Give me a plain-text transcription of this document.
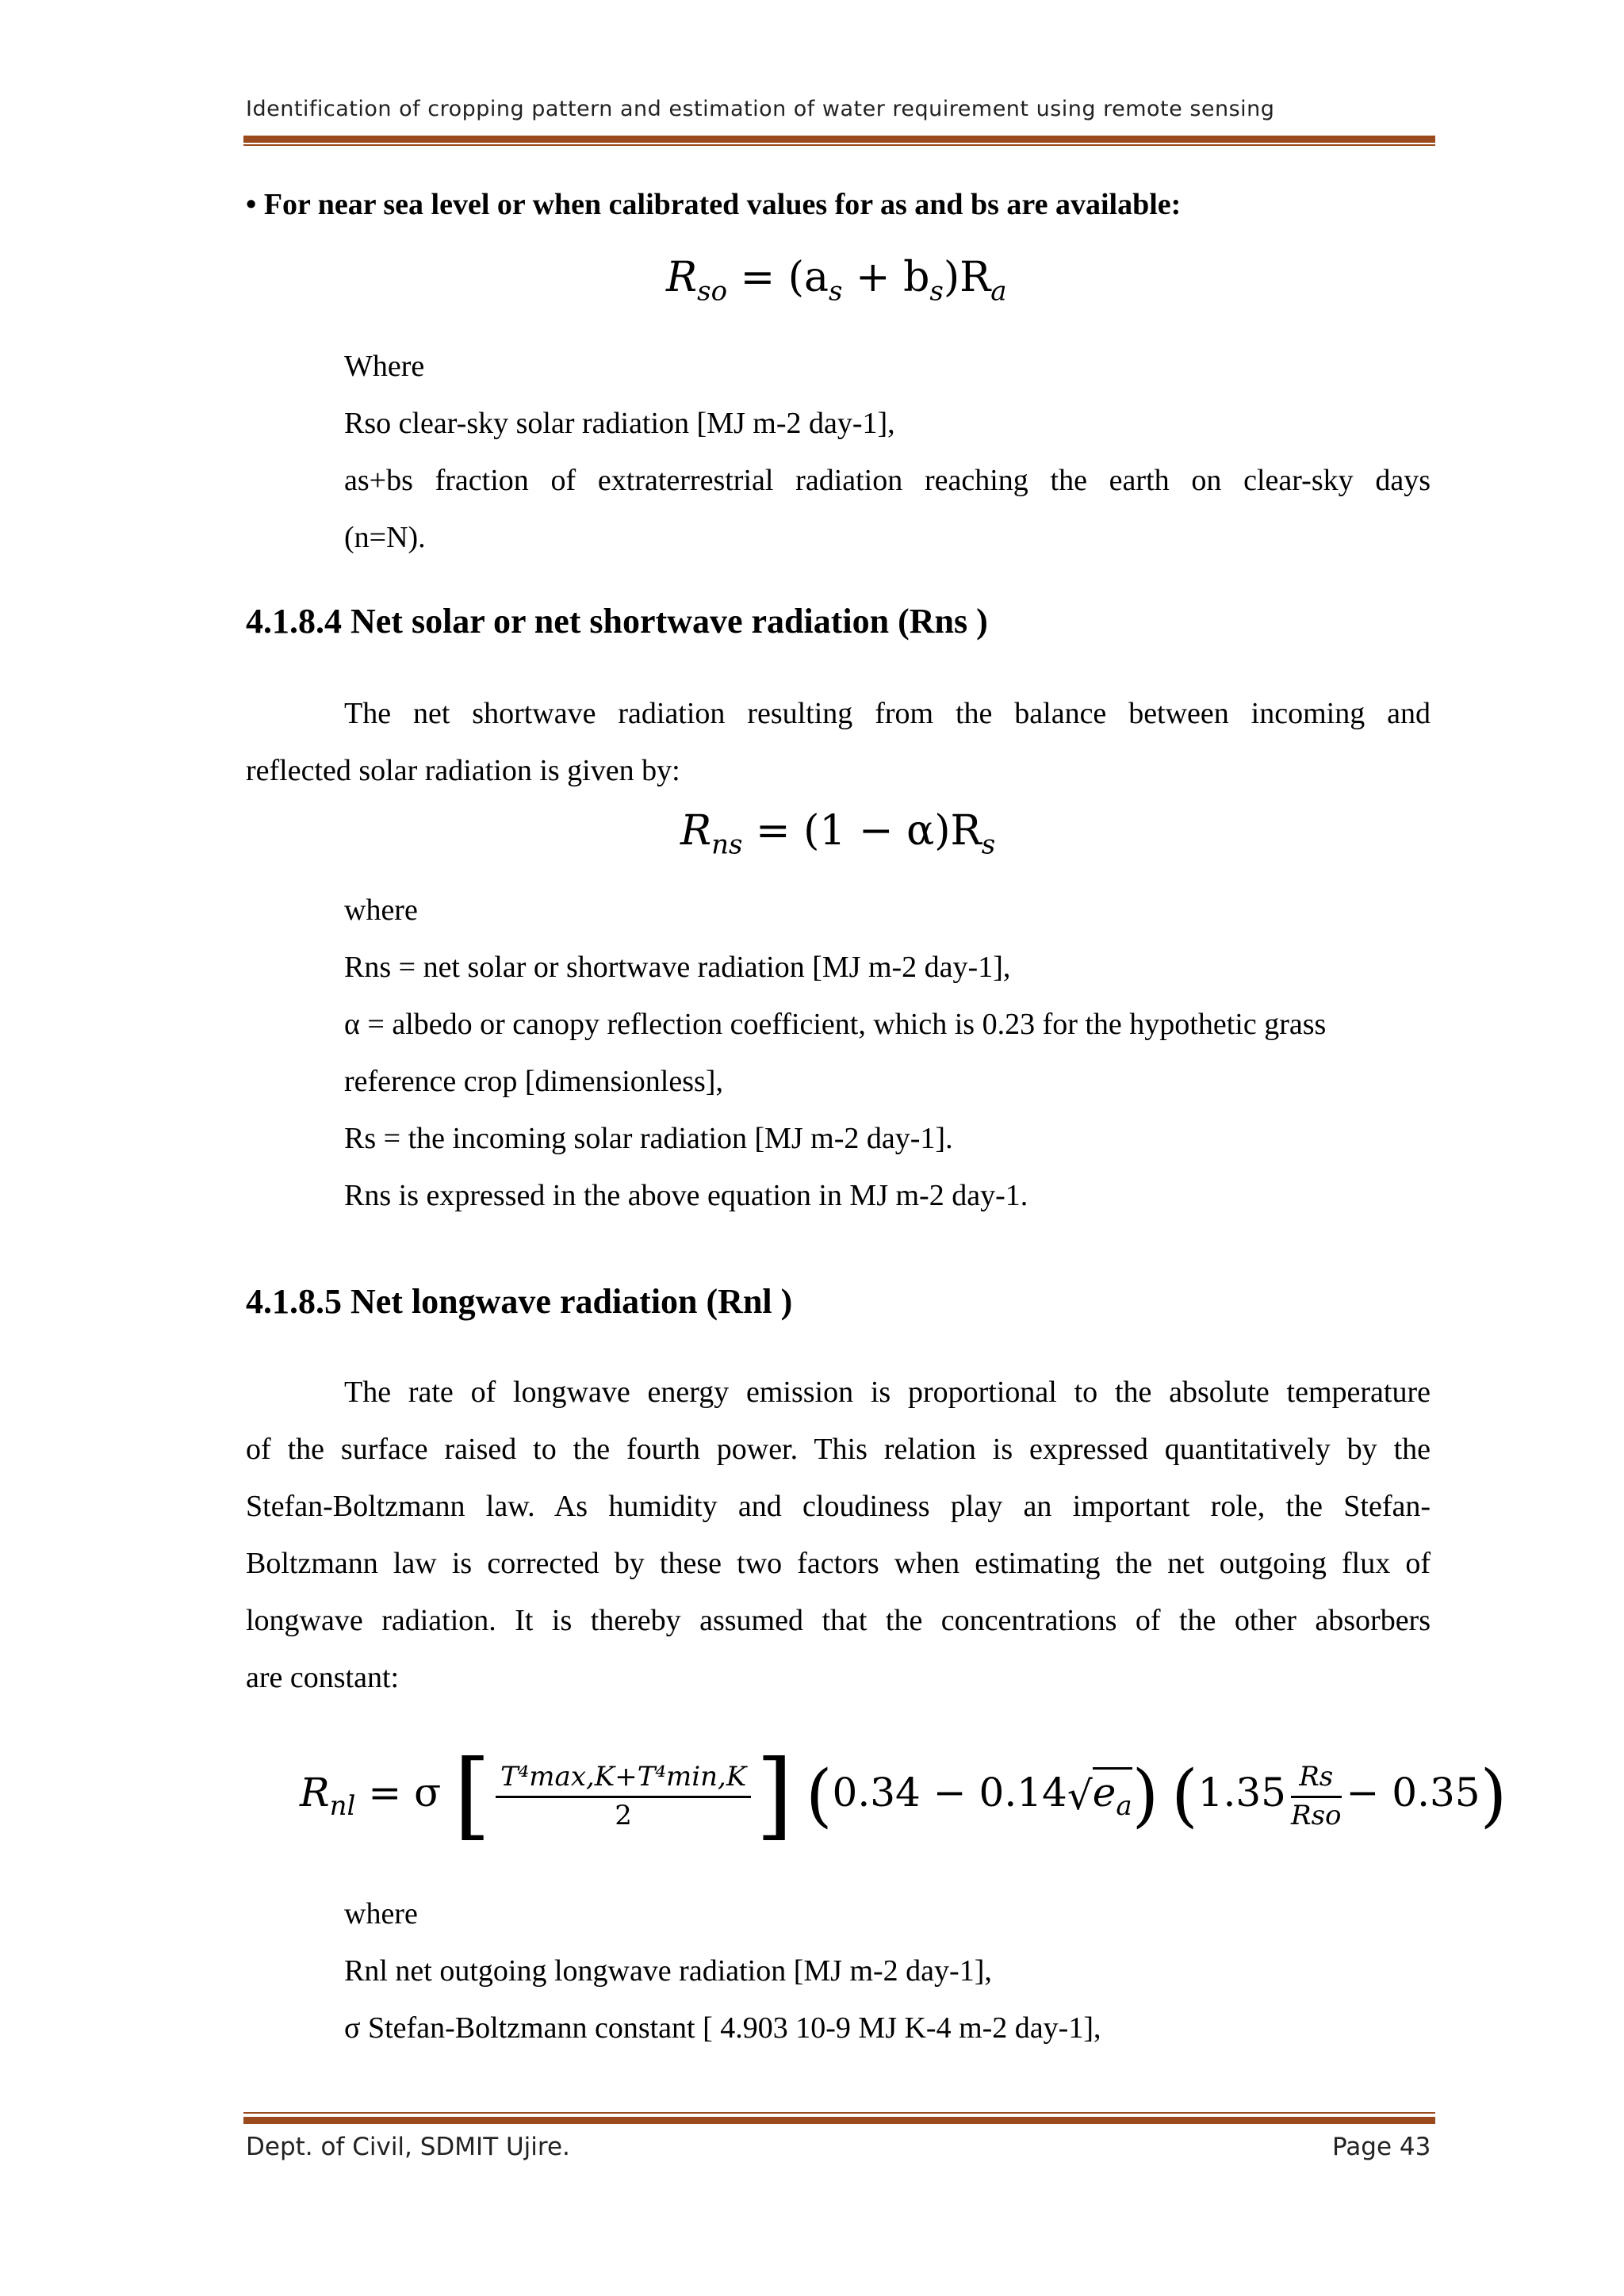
Identification of cropping pattern and estimation of water requirement using remote sensing
• For near sea level or when calibrated values for as and bs are available:
$R_{so} = (a_s + b_s)R_a$
Where
Rso clear-sky solar radiation [MJ m-2 day-1],
as+bs fraction of extraterrestrial radiation reaching the earth on clear-sky days
(n=N).
4.1.8.4 Net solar or net shortwave radiation (Rns )
The net shortwave radiation resulting from the balance between incoming and
reflected solar radiation is given by:
$R_{ns} = (1 - \alpha)R_s$
where
Rns = net solar or shortwave radiation [MJ m-2 day-1],
α = albedo or canopy reflection coefficient, which is 0.23 for the hypothetic grass
reference crop [dimensionless],
Rs = the incoming solar radiation [MJ m-2 day-1].
Rns is expressed in the above equation in MJ m-2 day-1.
4.1.8.5 Net longwave radiation (Rnl )
The rate of longwave energy emission is proportional to the absolute temperature
of the surface raised to the fourth power. This relation is expressed quantitatively by the
Stefan-Boltzmann law. As humidity and cloudiness play an important role, the Stefan-
Boltzmann law is corrected by these two factors when estimating the net outgoing flux of
longwave radiation. It is thereby assumed that the concentrations of the other absorbers
are constant:
$R_{nl} = \sigma$ [ $\frac{\text{T⁴max,K+T⁴min,K}}{2}$ ] $(0.34 - 0.14√e_a)$ $(1.35 \frac{Rs}{\text{Rso}} - 0.35)$
where
Rnl net outgoing longwave radiation [MJ m-2 day-1],
σ Stefan-Boltzmann constant [ 4.903 10-9 MJ K-4 m-2 day-1],
Dept. of Civil, SDMIT Ujire.	Page 43
